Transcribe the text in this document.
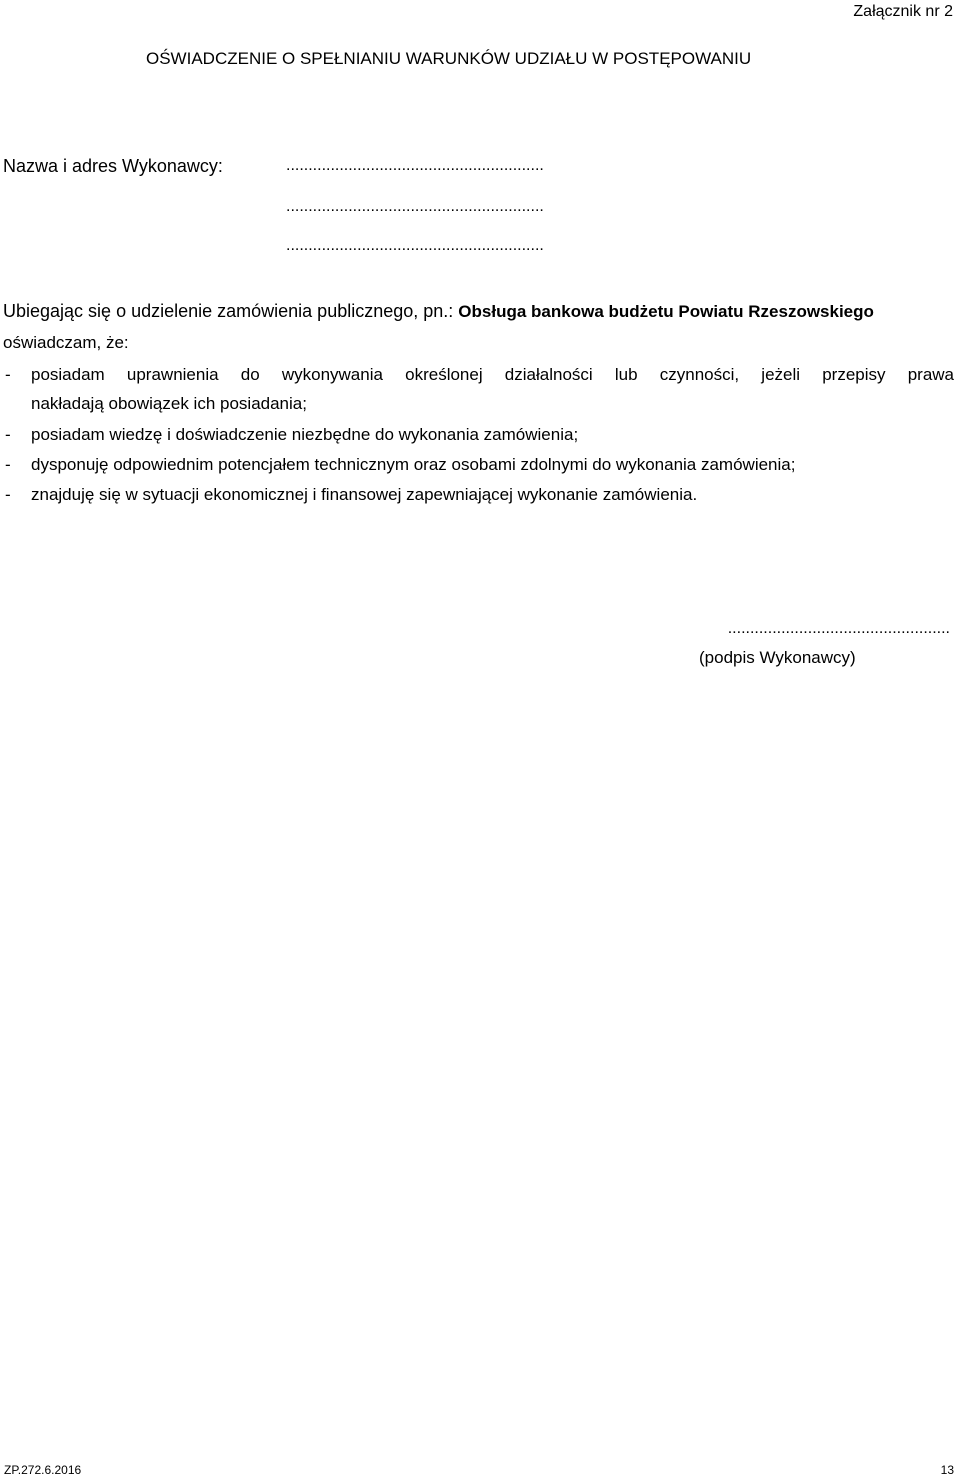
Załącznik nr 2
OŚWIADCZENIE O SPEŁNIANIU WARUNKÓW UDZIAŁU W POSTĘPOWANIU
Nazwa i adres Wykonawcy:	..........................................................
..........................................................
..........................................................
Ubiegając się o udzielenie zamówienia publicznego, pn.: Obsługa bankowa budżetu Powiatu Rzeszowskiego
oświadczam, że:
- posiadam uprawnienia do wykonywania określonej działalności lub czynności, jeżeli przepisy prawa
nakładają obowiązek ich posiadania;
- posiadam wiedzę i doświadczenie niezbędne do wykonania zamówienia;
- dysponuję odpowiednim potencjałem technicznym oraz osobami zdolnymi do wykonania zamówienia;
- znajduję się w sytuacji ekonomicznej i finansowej zapewniającej wykonanie zamówienia.
..................................................
(podpis Wykonawcy)
ZP.272.6.2016	13
